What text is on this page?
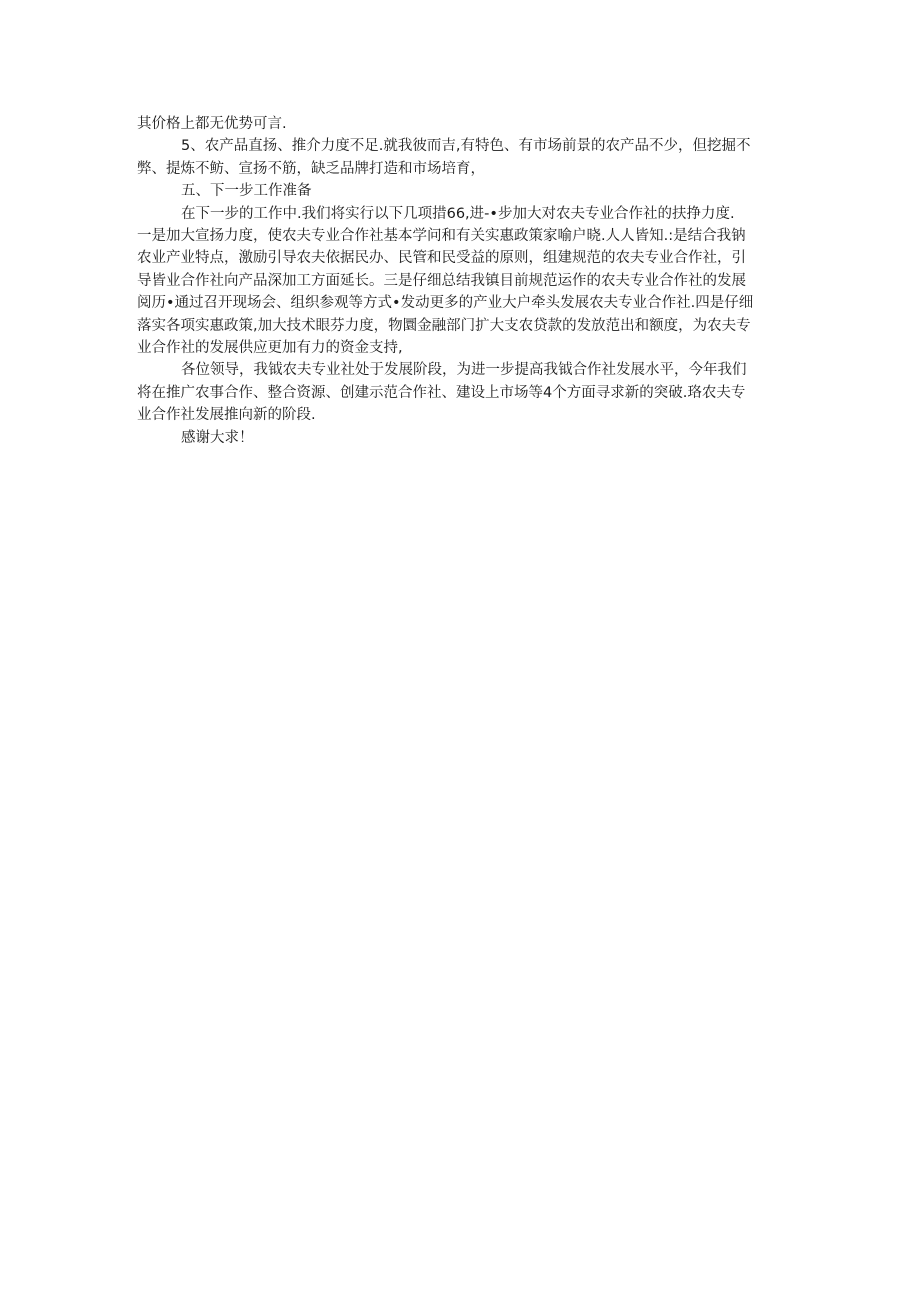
其价格上都无优势可言.
5、农产品直扬、推介力度不足.就我彼而吉,有特色、有市场前景的农产品不少，但挖掘不
弊、提炼不鲂、宣扬不筋，缺乏品牌打造和市场培育，
五、下一步工作准备
在下一步的工作中.我们将实行以下几项措66,进-•步加大对农夫专业合作社的扶挣力度.
一是加大宣扬力度，使农夫专业合作社基本学问和有关实惠政策家喻户晓.人人皆知.:是结合我钠
农业产业特点，激励引导农夫依据民办、民管和民受益的原则，组建规范的农夫专业合作社，引
导皆业合作社向产品深加工方面延长。三是仔细总结我镇目前规范运作的农夫专业合作社的发展
阅历•通过召开现场会、组织参观等方式•发动更多的产业大户牵头发展农夫专业合作社.四是仔细
落实各项实惠政策,加大技术眼芬力度，物圜金融部门扩大支农贷款的发放范出和额度，为农夫专
业合作社的发展供应更加有力的资金支持,
各位领导，我钺农夫专业社处于发展阶段，为进一步提高我钺合作社发展水平，今年我们
将在推广农事合作、整合资源、创建示范合作社、建设上市场等4个方面寻求新的突破.珞农夫专
业合作社发展推向新的阶段.
感谢大求！
